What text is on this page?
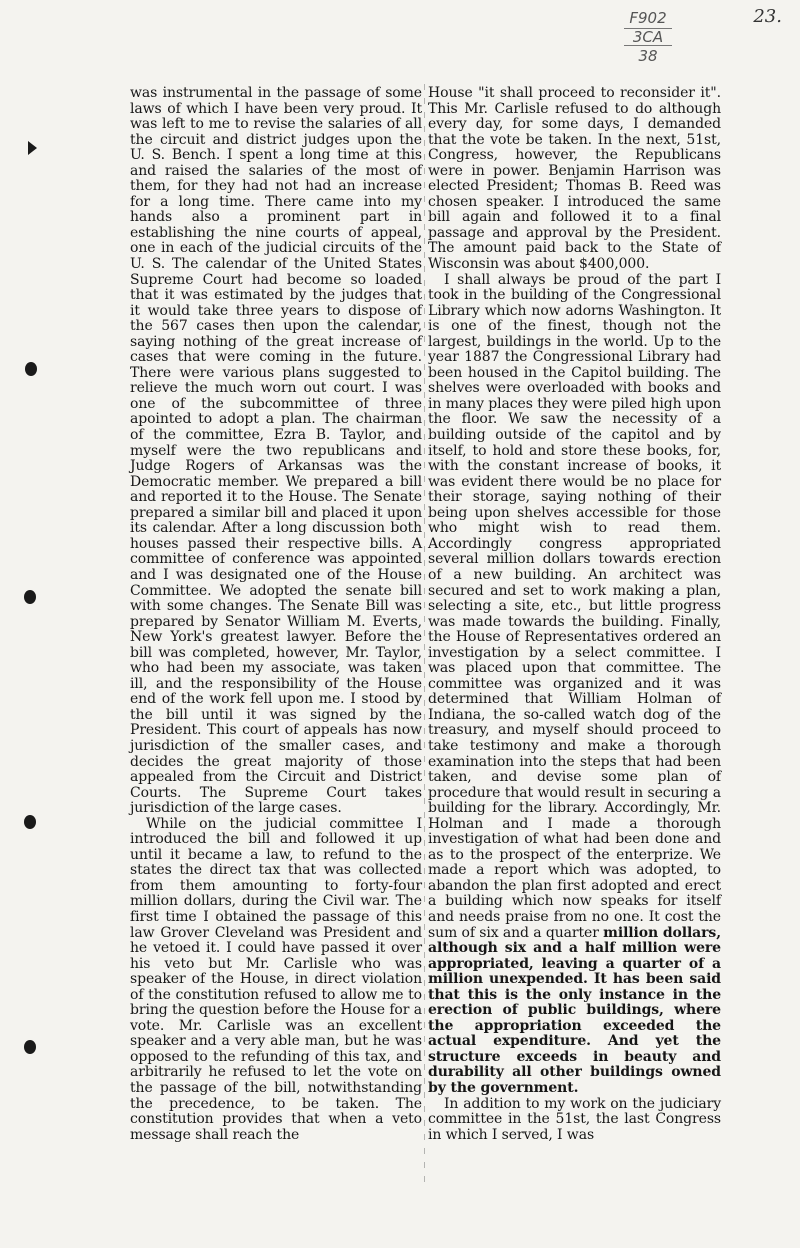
23.
F902
3CA
38

was instrumental in the passage of some laws of which I have been very proud. It was left to me to revise the salaries of all the circuit and district judges upon the U. S. Bench. I spent a long time at this and raised the salaries of the most of them, for they had not had an increase for a long time. There came into my hands also a prominent part in establishing the nine courts of appeal, one in each of the judicial circuits of the U. S. The calendar of the United States Supreme Court had become so loaded that it was estimated by the judges that it would take three years to dispose of the 567 cases then upon the calendar, saying nothing of the great increase of cases that were coming in the future. There were various plans suggested to relieve the much worn out court. I was one of the subcommittee of three apointed to adopt a plan. The chairman of the committee, Ezra B. Taylor, and myself were the two republicans and Judge Rogers of Arkansas was the Democratic member. We prepared a bill and reported it to the House. The Senate prepared a similar bill and placed it upon its calendar. After a long discussion both houses passed their respective bills. A committee of conference was appointed and I was designated one of the House Committee. We adopted the senate bill with some changes. The Senate Bill was prepared by Senator William M. Everts, New York's greatest lawyer. Before the bill was completed, however, Mr. Taylor, who had been my associate, was taken ill, and the responsibility of the House end of the work fell upon me. I stood by the bill until it was signed by the President. This court of appeals has now jurisdiction of the smaller cases, and decides the great majority of those appealed from the Circuit and District Courts. The Supreme Court takes jurisdiction of the large cases.

While on the judicial committee I introduced the bill and followed it up until it became a law, to refund to the states the direct tax that was collected from them amounting to forty-four million dollars, during the Civil war. The first time I obtained the passage of this law Grover Cleveland was President and he vetoed it. I could have passed it over his veto but Mr. Carlisle who was speaker of the House, in direct violation of the constitution refused to allow me to bring the question before the House for a vote. Mr. Carlisle was an excellent speaker and a very able man, but he was opposed to the refunding of this tax, and arbitrarily he refused to let the vote on the passage of the bill, notwithstanding the precedence, to be taken. The constitution provides that when a veto message shall reach the

House "it shall proceed to reconsider it". This Mr. Carlisle refused to do although every day, for some days, I demanded that the vote be taken. In the next, 51st, Congress, however, the Republicans were in power. Benjamin Harrison was elected President; Thomas B. Reed was chosen speaker. I introduced the same bill again and followed it to a final passage and approval by the President. The amount paid back to the State of Wisconsin was about $400,000.

I shall always be proud of the part I took in the building of the Congressional Library which now adorns Washington. It is one of the finest, though not the largest, buildings in the world. Up to the year 1887 the Congressional Library had been housed in the Capitol building. The shelves were overloaded with books and in many places they were piled high upon the floor. We saw the necessity of a building outside of the capitol and by itself, to hold and store these books, for, with the constant increase of books, it was evident there would be no place for their storage, saying nothing of their being upon shelves accessible for those who might wish to read them. Accordingly congress appropriated several million dollars towards erection of a new building. An architect was secured and set to work making a plan, selecting a site, etc., but little progress was made towards the building. Finally, the House of Representatives ordered an investigation by a select committee. I was placed upon that committee. The committee was organized and it was determined that William Holman of Indiana, the so-called watch dog of the treasury, and myself should proceed to take testimony and make a thorough examination into the steps that had been taken, and devise some plan of procedure that would result in securing a building for the library. Accordingly, Mr. Holman and I made a thorough investigation of what had been done and as to the prospect of the enterprize. We made a report which was adopted, to abandon the plan first adopted and erect a building which now speaks for itself and needs praise from no one. It cost the sum of six and a quarter million dollars, although six and a half million were appropriated, leaving a quarter of a million unexpended. It has been said that this is the only instance in the erection of public buildings, where the appropriation exceeded the actual expenditure. And yet the structure exceeds in beauty and durability all other buildings owned by the government.

In addition to my work on the judiciary committee in the 51st, the last Congress in which I served, I was
